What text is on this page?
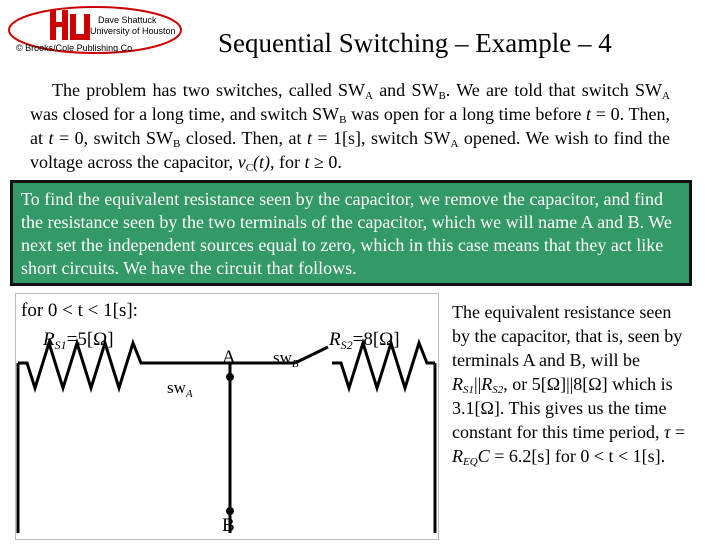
Dave Shattuck
University of Houston
© Brooks/Cole Publishing Co.	Sequential Switching – Example – 4
The problem has two switches, called $SW_A$ and $SW_B$. We are told that switch $SW_A$ was closed for a long time, and switch $SW_B$ was open for a long time before t = 0. Then, at t = 0, switch $SW_B$ closed. Then, at t = 1[s], switch $SW_A$ opened. We wish to find the voltage across the capacitor, $v_C(t)$, for t ≥ 0.
To find the equivalent resistance seen by the capacitor, we remove the capacitor, and find the resistance seen by the two terminals of the capacitor, which we will name A and B. We next set the independent sources equal to zero, which in this case means that they act like short circuits. We have the circuit that follows.
for 0 < t < 1[s]:
$R_{S1}=5[\Omega]$	$R_{S2}=8[\Omega]$
A
B
$sw_B$
$sw_A$
The equivalent resistance seen by the capacitor, that is, seen by terminals A and B, will be $R_{S1}||R_{S2}$, or 5[Ω]||8[Ω] which is 3.1[Ω]. This gives us the time constant for this time period, $\tau = R_{EQ}C = 6.2[s]$ for 0 < t < 1[s].
